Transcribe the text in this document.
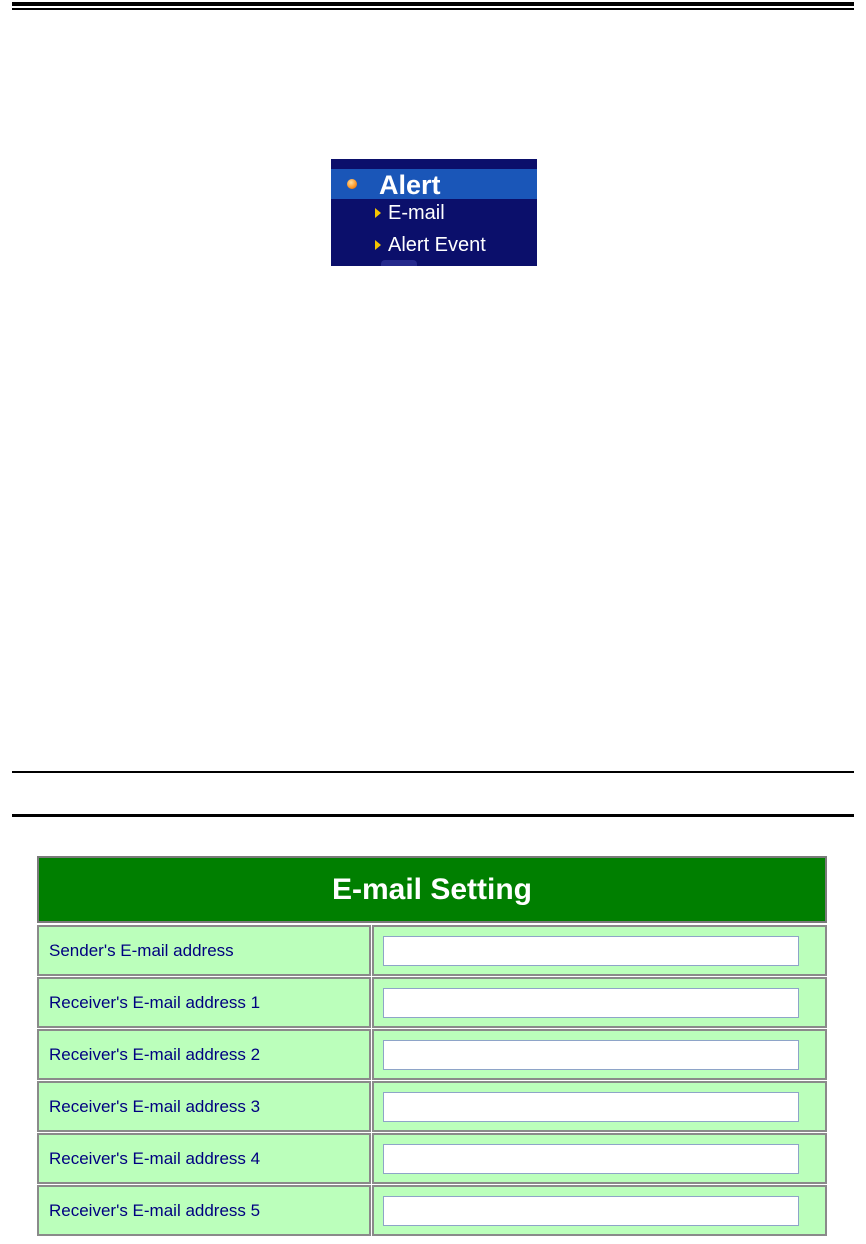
Alert
E-mail
Alert Event
E-mail Setting
Sender's E-mail address
Receiver's E-mail address 1
Receiver's E-mail address 2
Receiver's E-mail address 3
Receiver's E-mail address 4
Receiver's E-mail address 5
